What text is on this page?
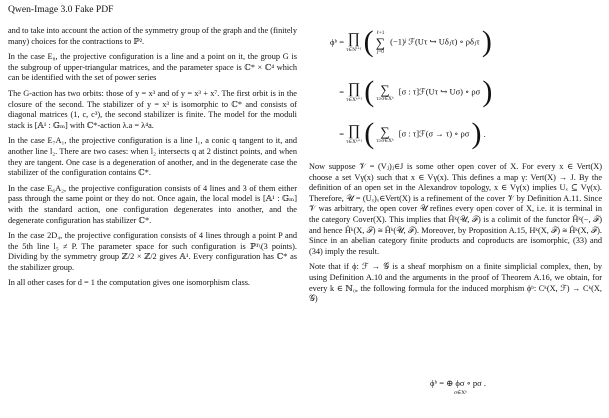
Qwen-Image 3.0 Fake PDF
ϕᵇ = ∏
τ∈Nⁱ⁺¹ ( ℓ+1
∑
j=0
(−1)ʲ ℱ(Uτ ↪ Uδⱼτ) ∘ ρδⱼτ )
= ∏
τ∈Xᵏ⁺¹ ( ∑
τ≥σ∈Xᵏ
[σ : τ]ℱ(Uτ ↪ Uσ) ∘ ρσ )
= ∏
τ∈Xᵏ⁺¹ ( ∑
τ≥σ∈Xᵏ
[σ : τ]ℱ(σ → τ) ∘ ρσ ) .

and to take into account the action of the symmetry group of the graph and the (finitely many) choices for the contractions to ℙ².

In the case E₈, the projective configuration is a line and a point on it, the group G is the subgroup of upper-triangular matrices, and the parameter space is ℂ* × ℂ⁴ which can be identified with the set of power series

The G-action has two orbits: those of y = x³ and of y = x³ + x⁷. The first orbit is in the closure of the second. The stabilizer of y = x³ is isomorphic to ℂ* and consists of diagonal matrices (1, c, c³), the second stabilizer is finite. The model for the moduli stack is [𝔸¹ : 𝔾ₘ] with ℂ*-action λ.a = λ⁴a.

In the case E₇A₁, the projective configuration is a line l₁, a conic q tangent to it, and another line l₂. There are two cases: when l₂ intersects q at 2 distinct points, and when they are tangent. One case is a degeneration of another, and in the degenerate case the stabilizer of the configuration contains ℂ*.

In the case E₆A₂, the projective configuration consists of 4 lines and 3 of them either pass through the same point or they do not. Once again, the local model is [𝔸¹ : 𝔾ₘ] with the standard action, one configuration degenerates into another, and the degenerate configuration has stabilizer ℂ*.

In the case 2D₄, the projective configuration consists of 4 lines through a point P and the 5th line l₅ ≠ P. The parameter space for such configuration is ℙ¹\(3 points). Dividing by the symmetry group ℤ/2 × ℤ/2 gives 𝔸¹. Every configuration has ℂ* as the stabilizer group.

In all other cases for d = 1 the computation gives one isomorphism class.

Now suppose 𝒱 = (Vⱼ)ⱼ∈J is some other open cover of X. For every x ∈ Vert(X) choose a set Vγ(x) such that x ∈ Vγ(x). This defines a map γ: Vert(X) → J. By the definition of an open set in the Alexandrov topology, x ∈ Vγ(x) implies Uₓ ⊆ Vγ(x). Therefore, 𝒰 = (Uₓ)ₓ∈Vert(X) is a refinement of the cover 𝒱 by Definition A.11. Since 𝒱 was arbitrary, the open cover 𝒰 refines every open cover of X, i.e. it is terminal in the category Cover(X). This implies that Ĥᵏ(𝒰, ℱ) is a colimit of the functor Ĥᵏ(−, ℱ) and hence Ĥᵏ(X, ℱ) ≅ Ĥᵏ(𝒰, ℱ). Moreover, by Proposition A.15, Hᵏ(X, ℱ) ≅ Ĥᵏ(X, ℱ). Since in an abelian category finite products and coproducts are isomorphic, (33) and (34) imply the result.

Note that if ϕ: ℱ → 𝒢 is a sheaf morphism on a finite simplicial complex, then, by using Definition A.10 and the arguments in the proof of Theorem A.16, we obtain, for every k ∈ ℕ₀, the following formula for the induced morphism ϕᵇ: Cᵏ(X, ℱ) → Cᵏ(X, 𝒢)

ϕᵇ = ⊕ ϕσ ∘ pσ .
σ∈Xᵏ
